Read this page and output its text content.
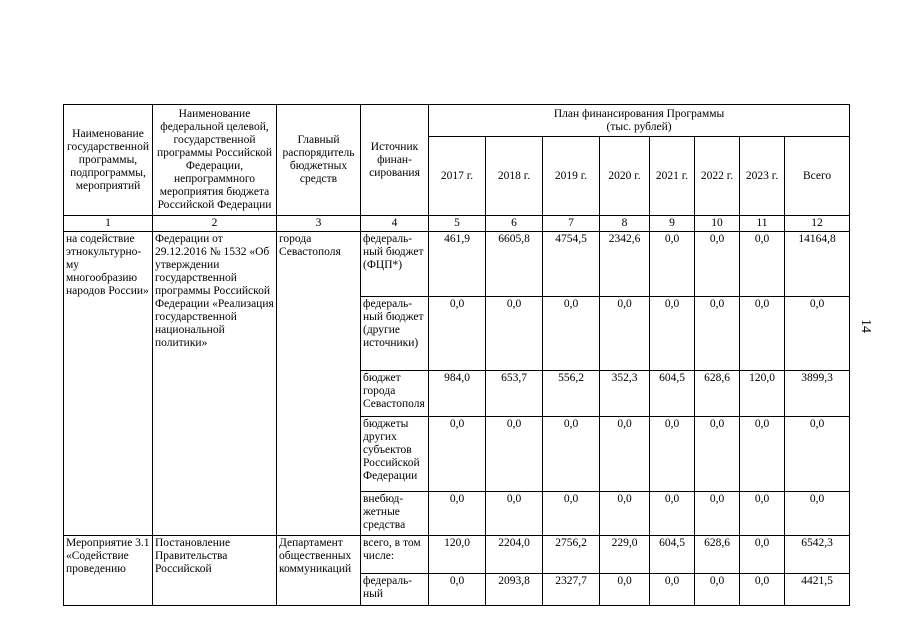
Наименование государственной программы, подпрограммы, мероприятий	Наименование федеральной целевой, государственной программы Российской Федерации, непрограммного мероприятия бюджета Российской Федерации	Главный распорядитель бюджетных средств	Источник финан-сирования	План финансирования Программы
(тыс. рублей)							

				2017 г.	2018 г.	2019 г.	2020 г.	2021 г.	2022 г.	2023 г.	Всего
1	2	3	4	5	6	7	8	9	10	11	12
на содействие этнокультурно-му многообразию народов России»	Федерации от 29.12.2016 № 1532 «Об утверждении государственной программы Российской Федерации «Реализация государственной национальной политики»	города Севастополя	федераль-ный бюджет (ФЦП*)	461,9	6605,8	4754,5	2342,6	0,0	0,0	0,0	14164,8
			федераль-ный бюджет (другие источники)	0,0	0,0	0,0	0,0	0,0	0,0	0,0	0,0
			бюджет города Севастополя	984,0	653,7	556,2	352,3	604,5	628,6	120,0	3899,3
			бюджеты других субъектов Российской Федерации	0,0	0,0	0,0	0,0	0,0	0,0	0,0	0,0
			внебюд-жетные средства	0,0	0,0	0,0	0,0	0,0	0,0	0,0	0,0
Мероприятие 3.1 «Содействие проведению	Постановление Правительства Российской	Департамент общественных коммуникаций	всего, в том числе:	120,0	2204,0	2756,2	229,0	604,5	628,6	0,0	6542,3
			федераль-ный	0,0	2093,8	2327,7	0,0	0,0	0,0	0,0	4421,5
14
